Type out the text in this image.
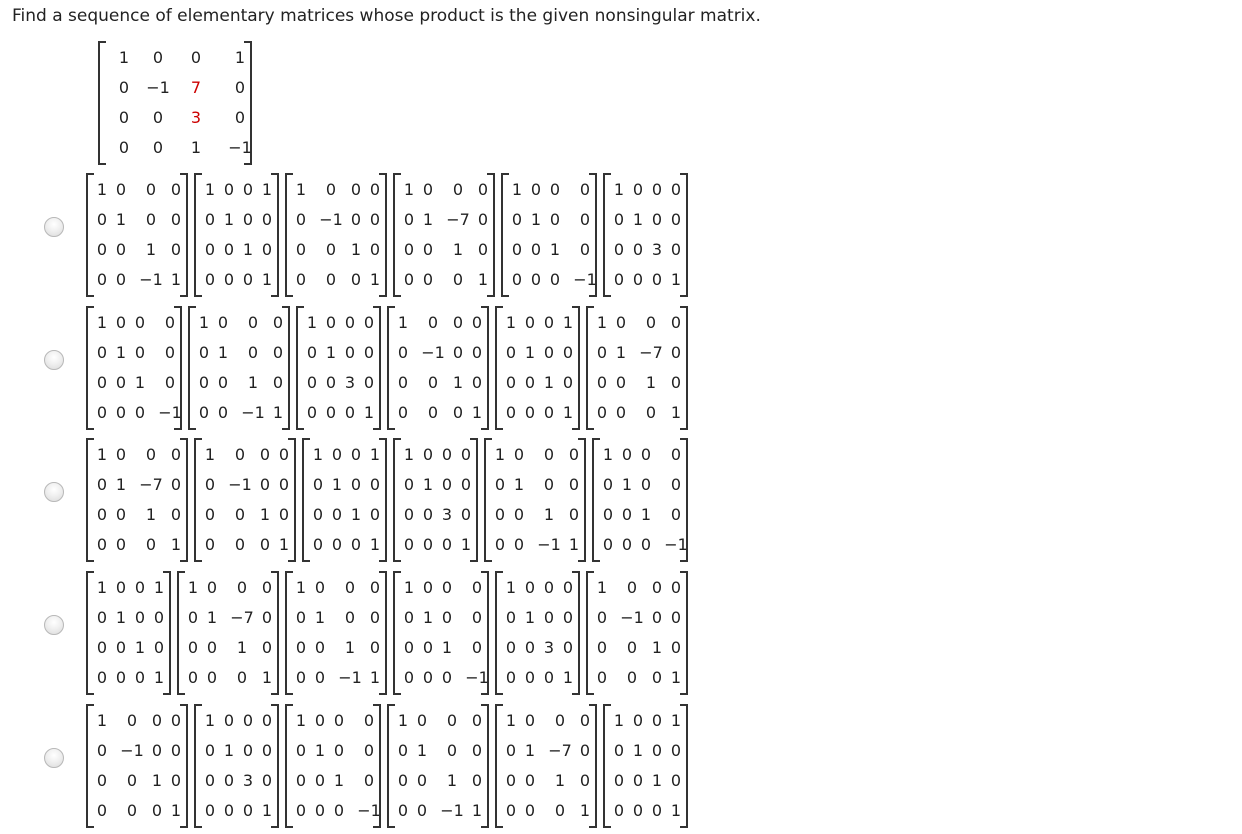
Find a sequence of elementary matrices whose product is the given nonsingular matrix.
1	0	0	1
0	−1	7	0
0	0	3	0
0	0	1	−1
1 0	0 0
0 1	0 0
0 0	1 0
0 0 −1 1
1 0 0 1
0 1 0 0
0 0 1 0
0 0 0 1
1	0 0 0
0 −1 0 0
0	0 1 0
0	0 0 1
1 0	0 0
0 1 −7 0
0 0	1 0
0 0	0 1
1 0 0	0
0 1 0	0
0 0 1	0
0 0 0 −1
1 0 0 0
0 1 0 0
0 0 3 0
0 0 0 1
1 0 0	0
0 1 0	0
0 0 1	0
0 0 0 −1
1 0	0 0
0 1	0 0
0 0	1 0
0 0 −1 1
1 0 0 0
0 1 0 0
0 0 3 0
0 0 0 1
1	0 0 0
0 −1 0 0
0	0 1 0
0	0 0 1
1 0 0 1
0 1 0 0
0 0 1 0
0 0 0 1
1 0	0 0
0 1 −7 0
0 0	1 0
0 0	0 1
1 0	0 0
0 1 −7 0
0 0	1 0
0 0	0 1
1	0 0 0
0 −1 0 0
0	0 1 0
0	0 0 1
1 0 0 1
0 1 0 0
0 0 1 0
0 0 0 1
1 0 0 0
0 1 0 0
0 0 3 0
0 0 0 1
1 0	0 0
0 1	0 0
0 0	1 0
0 0 −1 1
1 0 0	0
0 1 0	0
0 0 1	0
0 0 0 −1
1 0 0 1
0 1 0 0
0 0 1 0
0 0 0 1
1 0	0 0
0 1 −7 0
0 0	1 0
0 0	0 1
1 0	0 0
0 1	0 0
0 0	1 0
0 0 −1 1
1 0 0	0
0 1 0	0
0 0 1	0
0 0 0 −1
1 0 0 0
0 1 0 0
0 0 3 0
0 0 0 1
1	0 0 0
0 −1 0 0
0	0 1 0
0	0 0 1
1	0 0 0
0 −1 0 0
0	0 1 0
0	0 0 1
1 0 0 0
0 1 0 0
0 0 3 0
0 0 0 1
1 0 0	0
0 1 0	0
0 0 1	0
0 0 0 −1
1 0	0 0
0 1	0 0
0 0	1 0
0 0 −1 1
1 0	0 0
0 1 −7 0
0 0	1 0
0 0	0 1
1 0 0 1
0 1 0 0
0 0 1 0
0 0 0 1
